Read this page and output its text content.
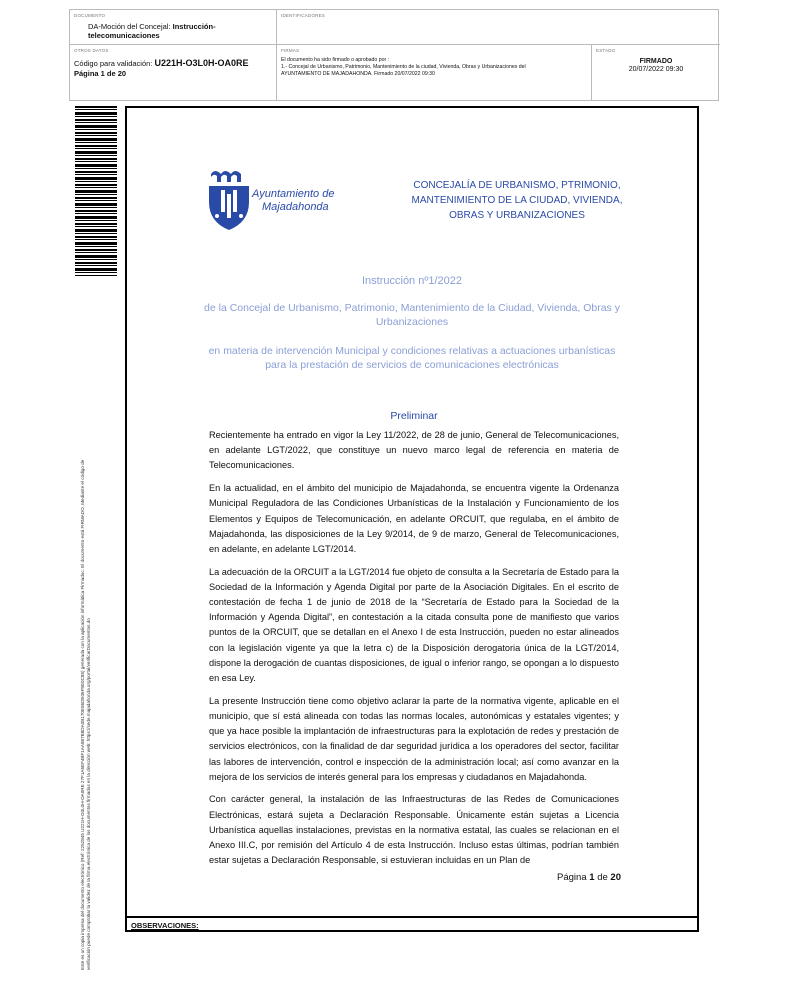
DOCUMENTO
DA-Moción del Concejal: Instrucción-telecomunicaciones
IDENTIFICADORES
OTROS DATOS
Código para validación: U221H-O3L0H-OA0RE
Página 1 de 20
FIRMAS
El documento ha sido firmado o aprobado por :
1.- Concejal de Urbanismo, Patrimonio, Mantenimiento de la ciudad, Vivienda, Obras y Urbanizaciones del
AYUNTAMIENTO DE MAJADAHONDA. Firmado 20/07/2022 09:30
ESTADO
FIRMADO
20/07/2022 09:30
Este es un copia impresa del documento electrónico (Ref: 2252845 U221H-O3L0H-OA0RE 27F1A6EF4BF1AA887B8DA0B170E56DE06F8E0C85) generada con la aplicación informática Firmadoc. El documento está FIRMADO. Mediante el código de verificación puede comprobar la validez de la firma electrónica de los documentos firmados en la dirección web: https://sede.majadahonda.org/portal/verificarDocumentos.do
Ayuntamiento de
Majadahonda
CONCEJALÍA DE URBANISMO, PTRIMONIO,
MANTENIMIENTO DE LA CIUDAD, VIVIENDA,
OBRAS Y URBANIZACIONES
Instrucción nº1/2022
de la Concejal de Urbanismo, Patrimonio, Mantenimiento de la Ciudad, Vivienda, Obras y
Urbanizaciones
en materia de intervención Municipal y condiciones relativas a actuaciones urbanísticas
para la prestación de servicios de comunicaciones electrónicas
Preliminar

Recientemente ha entrado en vigor la Ley 11/2022, de 28 de junio, General de Telecomunicaciones, en adelante LGT/2022, que constituye un nuevo marco legal de referencia en materia de Telecomunicaciones.

En la actualidad, en el ámbito del municipio de Majadahonda, se encuentra vigente la Ordenanza Municipal Reguladora de las Condiciones Urbanísticas de la Instalación y Funcionamiento de los Elementos y Equipos de Telecomunicación, en adelante ORCUIT, que regulaba, en el ámbito de Majadahonda, las disposiciones de la Ley 9/2014, de 9 de marzo, General de Telecomunicaciones, en adelante, en adelante LGT/2014.

La adecuación de la ORCUIT a la LGT/2014 fue objeto de consulta a la Secretaría de Estado para la Sociedad de la Información y Agenda Digital por parte de la Asociación Digitales. En el escrito de contestación de fecha 1 de junio de 2018 de la “Secretaría de Estado para la Sociedad de la Información y Agenda Digital”, en contestación a la citada consulta pone de manifiesto que varios puntos de la ORCUIT, que se detallan en el Anexo I de esta Instrucción, pueden no estar alineados con la legislación vigente ya que la letra c) de la Disposición derogatoria única de la LGT/2014, dispone la derogación de cuantas disposiciones, de igual o inferior rango, se opongan a lo dispuesto en esa Ley.

La presente Instrucción tiene como objetivo aclarar la parte de la normativa vigente, aplicable en el municipio, que sí está alineada con todas las normas locales, autonómicas y estatales vigentes; y que ya hace posible la implantación de infraestructuras para la explotación de redes y prestación de servicios electrónicos, con la finalidad de dar seguridad jurídica a los operadores del sector, facilitar las labores de intervención, control e inspección de la administración local; así como avanzar en la mejora de los servicios de interés general para los empresas y ciudadanos en Majadahonda.

Con carácter general, la instalación de las Infraestructuras de las Redes de Comunicaciones Electrónicas, estará sujeta a Declaración Responsable. Únicamente están sujetas a Licencia Urbanística aquellas instalaciones, previstas en la normativa estatal, las cuales se relacionan en el Anexo III.C, por remisión del Artículo 4 de esta Instrucción. Incluso estas últimas, podrían también estar sujetas a Declaración Responsable, si estuvieran incluidas en un Plan de

Página 1 de 20
OBSERVACIONES:
